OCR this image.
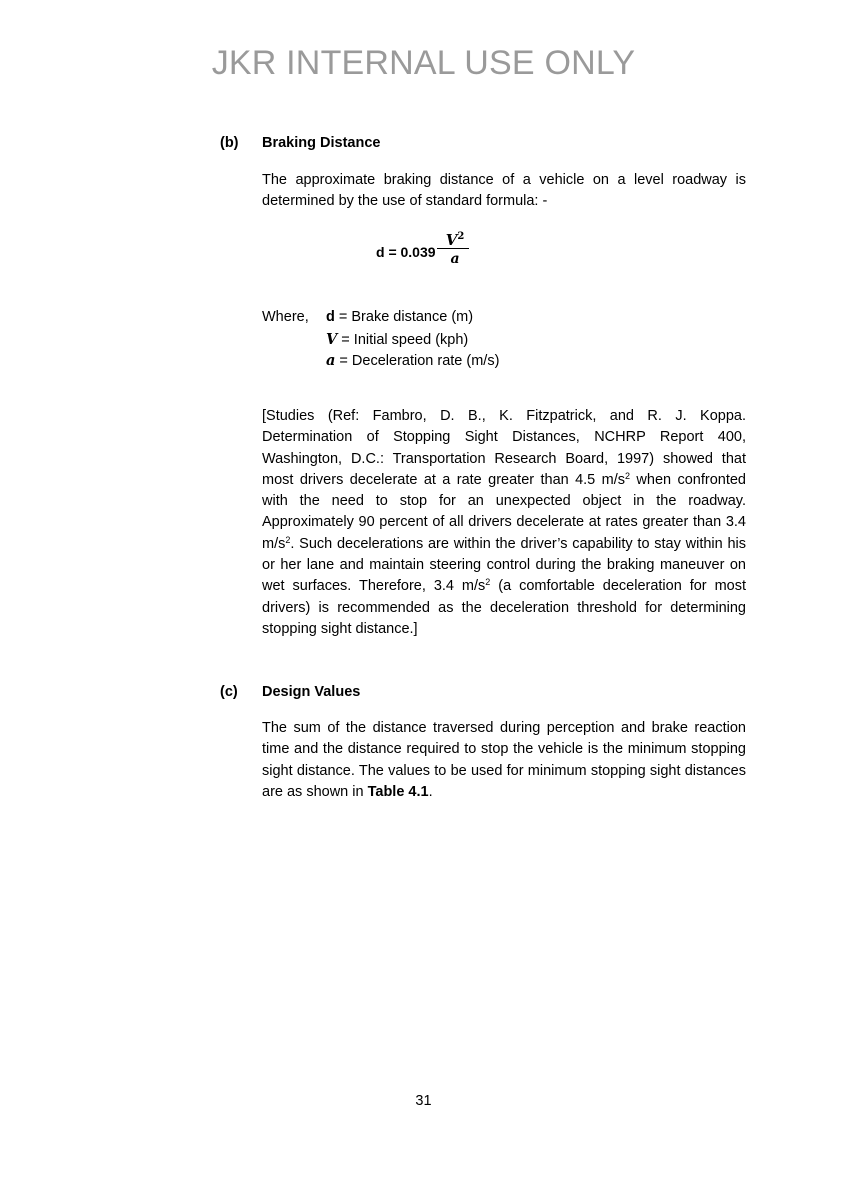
JKR INTERNAL USE ONLY
(b) Braking Distance
The approximate braking distance of a vehicle on a level roadway is determined by the use of standard formula: -
d = 0.039
$V^2$
a
Where, d = Brake distance (m)
V = Initial speed (kph)
a = Deceleration rate (m/s)
[Studies (Ref: Fambro, D. B., K. Fitzpatrick, and R. J. Koppa. Determination of Stopping Sight Distances, NCHRP Report 400, Washington, D.C.: Transportation Research Board, 1997) showed that most drivers decelerate at a rate greater than 4.5 $m/s^2$ when confronted with the need to stop for an unexpected object in the roadway. Approximately 90 percent of all drivers decelerate at rates greater than 3.4 $m/s^2$. Such decelerations are within the driver’s capability to stay within his or her lane and maintain steering control during the braking maneuver on wet surfaces. Therefore, 3.4 $m/s^2$ (a comfortable deceleration for most drivers) is recommended as the deceleration threshold for determining stopping sight distance.]
(c) Design Values
The sum of the distance traversed during perception and brake reaction time and the distance required to stop the vehicle is the minimum stopping sight distance. The values to be used for minimum stopping sight distances are as shown in Table 4.1.
31
